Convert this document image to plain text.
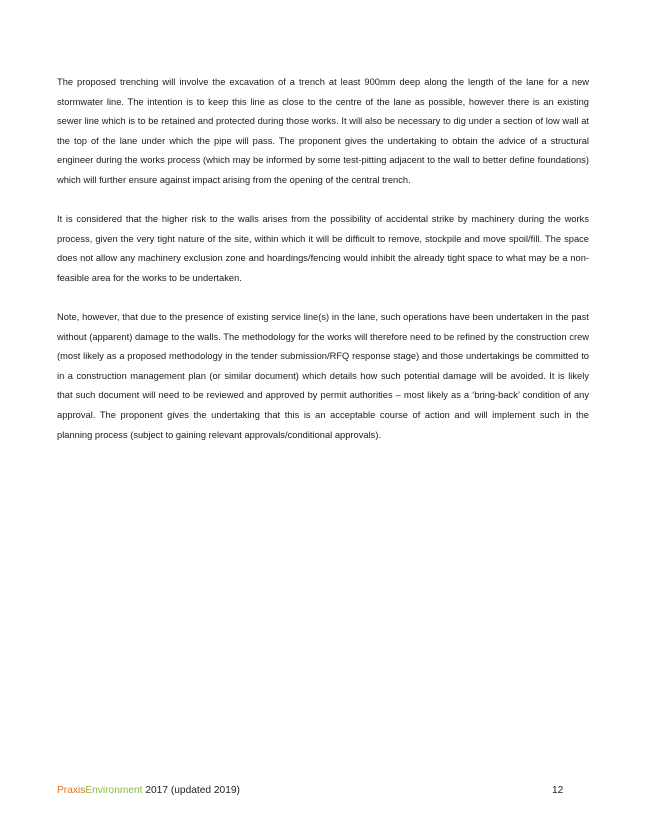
The proposed trenching will involve the excavation of a trench at least 900mm deep along the length of the lane for a new stormwater line. The intention is to keep this line as close to the centre of the lane as possible, however there is an existing sewer line which is to be retained and protected during those works. It will also be necessary to dig under a section of low wall at the top of the lane under which the pipe will pass. The proponent gives the undertaking to obtain the advice of a structural engineer during the works process (which may be informed by some test-pitting adjacent to the wall to better define foundations) which will further ensure against impact arising from the opening of the central trench.

It is considered that the higher risk to the walls arises from the possibility of accidental strike by machinery during the works process, given the very tight nature of the site, within which it will be difficult to remove, stockpile and move spoil/fill. The space does not allow any machinery exclusion zone and hoardings/fencing would inhibit the already tight space to what may be a non-feasible area for the works to be undertaken.

Note, however, that due to the presence of existing service line(s) in the lane, such operations have been undertaken in the past without (apparent) damage to the walls. The methodology for the works will therefore need to be refined by the construction crew (most likely as a proposed methodology in the tender submission/RFQ response stage) and those undertakings be committed to in a construction management plan (or similar document) which details how such potential damage will be avoided. It is likely that such document will need to be reviewed and approved by permit authorities – most likely as a ‘bring-back’ condition of any approval. The proponent gives the undertaking that this is an acceptable course of action and will implement such in the planning process (subject to gaining relevant approvals/conditional approvals).

PraxisEnvironment 2017 (updated 2019)	12
